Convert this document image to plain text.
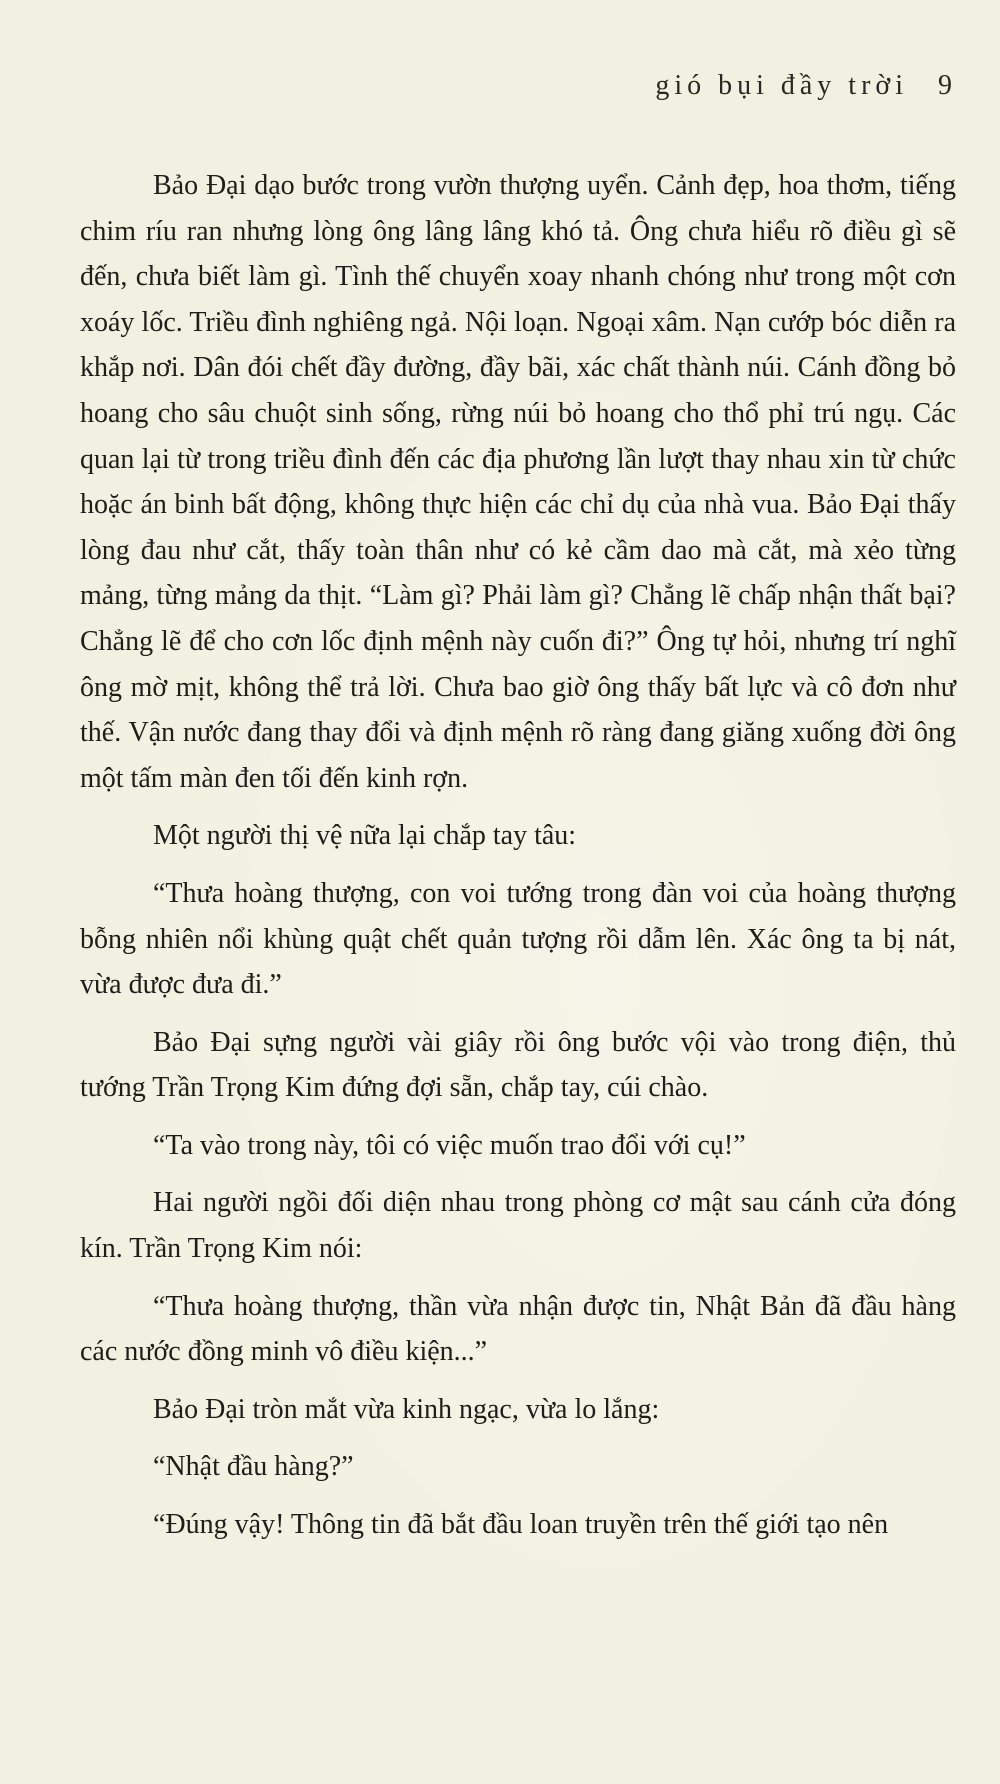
gió bụi đầy trời 9

Bảo Đại dạo bước trong vườn thượng uyển. Cảnh đẹp, hoa thơm, tiếng chim ríu ran nhưng lòng ông lâng lâng khó tả. Ông chưa hiểu rõ điều gì sẽ đến, chưa biết làm gì. Tình thế chuyển xoay nhanh chóng như trong một cơn xoáy lốc. Triều đình nghiêng ngả. Nội loạn. Ngoại xâm. Nạn cướp bóc diễn ra khắp nơi. Dân đói chết đầy đường, đầy bãi, xác chất thành núi. Cánh đồng bỏ hoang cho sâu chuột sinh sống, rừng núi bỏ hoang cho thổ phỉ trú ngụ. Các quan lại từ trong triều đình đến các địa phương lần lượt thay nhau xin từ chức hoặc án binh bất động, không thực hiện các chỉ dụ của nhà vua. Bảo Đại thấy lòng đau như cắt, thấy toàn thân như có kẻ cầm dao mà cắt, mà xẻo từng mảng, từng mảng da thịt. “Làm gì? Phải làm gì? Chẳng lẽ chấp nhận thất bại? Chẳng lẽ để cho cơn lốc định mệnh này cuốn đi?” Ông tự hỏi, nhưng trí nghĩ ông mờ mịt, không thể trả lời. Chưa bao giờ ông thấy bất lực và cô đơn như thế. Vận nước đang thay đổi và định mệnh rõ ràng đang giăng xuống đời ông một tấm màn đen tối đến kinh rợn.

Một người thị vệ nữa lại chắp tay tâu:

“Thưa hoàng thượng, con voi tướng trong đàn voi của hoàng thượng bỗng nhiên nổi khùng quật chết quản tượng rồi dẫm lên. Xác ông ta bị nát, vừa được đưa đi.”

Bảo Đại sựng người vài giây rồi ông bước vội vào trong điện, thủ tướng Trần Trọng Kim đứng đợi sẵn, chắp tay, cúi chào.

“Ta vào trong này, tôi có việc muốn trao đổi với cụ!”

Hai người ngồi đối diện nhau trong phòng cơ mật sau cánh cửa đóng kín. Trần Trọng Kim nói:

“Thưa hoàng thượng, thần vừa nhận được tin, Nhật Bản đã đầu hàng các nước đồng minh vô điều kiện...”

Bảo Đại tròn mắt vừa kinh ngạc, vừa lo lắng:

“Nhật đầu hàng?”

“Đúng vậy! Thông tin đã bắt đầu loan truyền trên thế giới tạo nên
